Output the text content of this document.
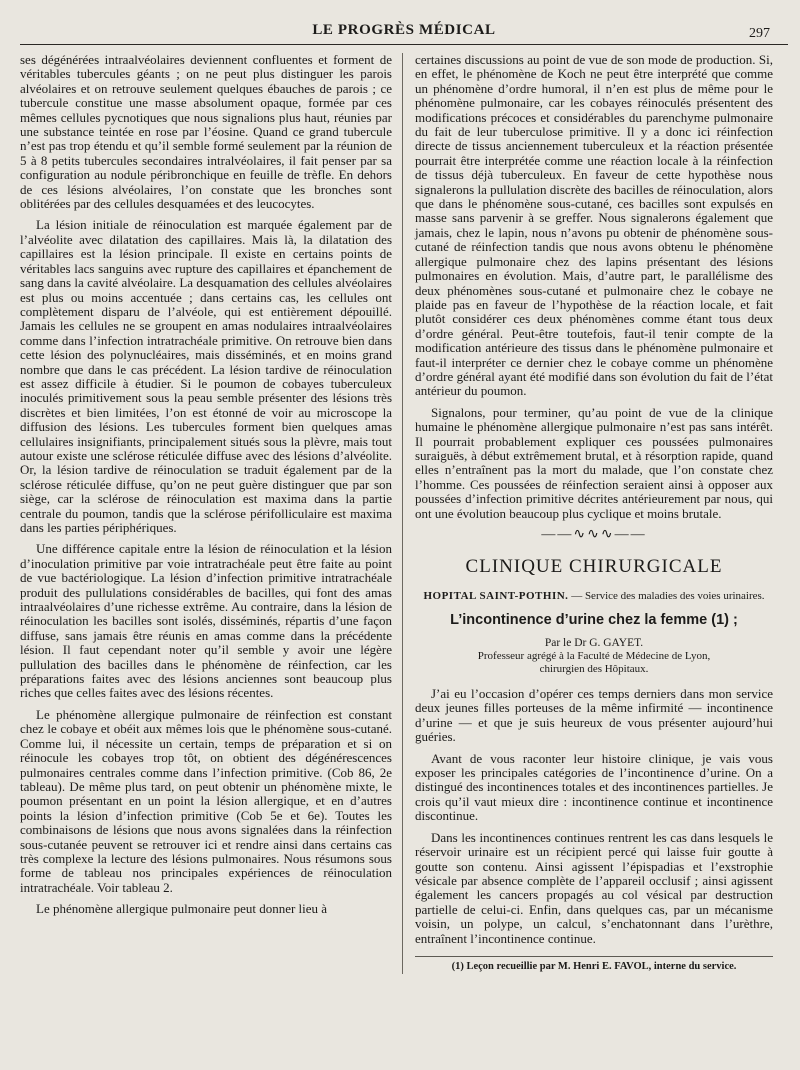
LE PROGRÈS MÉDICAL	297

ses dégénérées intraalvéolaires deviennent confluentes et forment de véritables tubercules géants ; on ne peut plus distinguer les parois alvéolaires et on retrouve seulement quelques ébauches de parois ; ce tubercule constitue une masse absolument opaque, formée par ces mêmes cellules pycnotiques que nous signalions plus haut, réunies par une substance teintée en rose par l’éosine. Quand ce grand tubercule n’est pas trop étendu et qu’il semble formé seulement par la réunion de 5 à 8 petits tubercules secondaires intralvéolaires, il fait penser par sa configuration au nodule péribronchique en feuille de trèfle. En dehors de ces lésions alvéolaires, l’on constate que les bronches sont oblitérées par des cellules desquamées et des leucocytes.

La lésion initiale de réinoculation est marquée également par de l’alvéolite avec dilatation des capillaires. Mais là, la dilatation des capillaires est la lésion principale. Il existe en certains points de véritables lacs sanguins avec rupture des capillaires et épanchement de sang dans la cavité alvéolaire. La desquamation des cellules alvéolaires est plus ou moins accentuée ; dans certains cas, les cellules ont complètement disparu de l’alvéole, qui est entièrement dépouillé. Jamais les cellules ne se groupent en amas nodulaires intraalvéolaires comme dans l’infection intratrachéale primitive. On retrouve bien dans cette lésion des polynucléaires, mais disséminés, et en moins grand nombre que dans le cas précédent. La lésion tardive de réinoculation est assez difficile à étudier. Si le poumon de cobayes tuberculeux inoculés primitivement sous la peau semble présenter des lésions très discrètes et bien limitées, l’on est étonné de voir au microscope la diffusion des lésions. Les tubercules forment bien quelques amas cellulaires insignifiants, principalement situés sous la plèvre, mais tout autour existe une sclérose réticulée diffuse avec des lésions d’alvéolite. Or, la lésion tardive de réinoculation se traduit également par de la sclérose réticulée diffuse, qu’on ne peut guère distinguer que par son siège, car la sclérose de réinoculation est maxima dans la partie centrale du poumon, tandis que la sclérose périfolliculaire est maxima dans les parties périphériques.

Une différence capitale entre la lésion de réinoculation et la lésion d’inoculation primitive par voie intratrachéale peut être faite au point de vue bactériologique. La lésion d’infection primitive intratrachéale produit des pullulations considérables de bacilles, qui font des amas intraalvéolaires d’une richesse extrême. Au contraire, dans la lésion de réinoculation les bacilles sont isolés, disséminés, répartis d’une façon diffuse, sans jamais être réunis en amas comme dans la précédente lésion. Il faut cependant noter qu’il semble y avoir une légère pullulation des bacilles dans le phénomène de réinfection, car les préparations faites avec des lésions anciennes sont beaucoup plus riches que celles faites avec des lésions récentes.

Le phénomène allergique pulmonaire de réinfection est constant chez le cobaye et obéit aux mêmes lois que le phénomène sous-cutané. Comme lui, il nécessite un certain, temps de préparation et si on réinocule les cobayes trop tôt, on obtient des dégénérescences pulmonaires centrales comme dans l’infection primitive. (Cob 86, 2e tableau). De même plus tard, on peut obtenir un phénomène mixte, le poumon présentant en un point la lésion allergique, et en d’autres points la lésion d’infection primitive (Cob 5e et 6e). Toutes les combinaisons de lésions que nous avons signalées dans la réinfection sous-cutanée peuvent se retrouver ici et rendre ainsi dans certains cas très complexe la lecture des lésions pulmonaires. Nous résumons sous forme de tableau nos principales expériences de réinoculation intratrachéale. Voir tableau 2.

Le phénomène allergique pulmonaire peut donner lieu à

certaines discussions au point de vue de son mode de production. Si, en effet, le phénomène de Koch ne peut être interprété que comme un phénomène d’ordre humoral, il n’en est plus de même pour le phénomène pulmonaire, car les cobayes réinoculés présentent des modifications précoces et considérables du parenchyme pulmonaire du fait de leur tuberculose primitive. Il y a donc ici réinfection directe de tissus anciennement tuberculeux et la réaction présentée pourrait être interprétée comme une réaction locale à la réinfection de tissus déjà tuberculeux. En faveur de cette hypothèse nous signalerons la pullulation discrète des bacilles de réinoculation, alors que dans le phénomène sous-cutané, ces bacilles sont expulsés en masse sans parvenir à se greffer. Nous signalerons également que jamais, chez le lapin, nous n’avons pu obtenir de phénomène sous-cutané de réinfection tandis que nous avons obtenu le phénomène allergique pulmonaire chez des lapins présentant des lésions pulmonaires en évolution. Mais, d’autre part, le parallélisme des deux phénomènes sous-cutané et pulmonaire chez le cobaye ne plaide pas en faveur de l’hypothèse de la réaction locale, et fait plutôt considérer ces deux phénomènes comme étant tous deux d’ordre général. Peut-être toutefois, faut-il tenir compte de la modification antérieure des tissus dans le phénomène pulmonaire et faut-il interpréter ce dernier chez le cobaye comme un phénomène d’ordre général ayant été modifié dans son évolution du fait de l’état antérieur du poumon.

Signalons, pour terminer, qu’au point de vue de la clinique humaine le phénomène allergique pulmonaire n’est pas sans intérêt. Il pourrait probablement expliquer ces poussées pulmonaires suraiguës, à début extrêmement brutal, et à résorption rapide, quand elles n’entraînent pas la mort du malade, que l’on constate chez l’homme. Ces poussées de réinfection seraient ainsi à opposer aux poussées d’infection primitive décrites antérieurement par nous, qui ont une évolution beaucoup plus cyclique et moins brutale.

——∿∿∿——
CLINIQUE CHIRURGICALE
HOPITAL SAINT-POTHIN. — Service des maladies des voies urinaires.
L’incontinence d’urine chez la femme (1) ;
Par le Dr G. GAYET.
Professeur agrégé à la Faculté de Médecine de Lyon,
chirurgien des Hôpitaux.

J’ai eu l’occasion d’opérer ces temps derniers dans mon service deux jeunes filles porteuses de la même infirmité — incontinence d’urine — et que je suis heureux de vous présenter aujourd’hui guéries.

Avant de vous raconter leur histoire clinique, je vais vous exposer les principales catégories de l’incontinence d’urine. On a distingué des incontinences totales et des incontinences partielles. Je crois qu’il vaut mieux dire : incontinence continue et incontinence discontinue.

Dans les incontinences continues rentrent les cas dans lesquels le réservoir urinaire est un récipient percé qui laisse fuir goutte à goutte son contenu. Ainsi agissent l’épispadias et l’exstrophie vésicale par absence complète de l’appareil occlusif ; ainsi agissent également les cancers propagés au col vésical par destruction partielle de celui-ci. Enfin, dans quelques cas, par un mécanisme voisin, un polype, un calcul, s’enchatonnant dans l’urèthre, entraînent l’incontinence continue.

(1) Leçon recueillie par M. Henri E. FAVOL, interne du service.
